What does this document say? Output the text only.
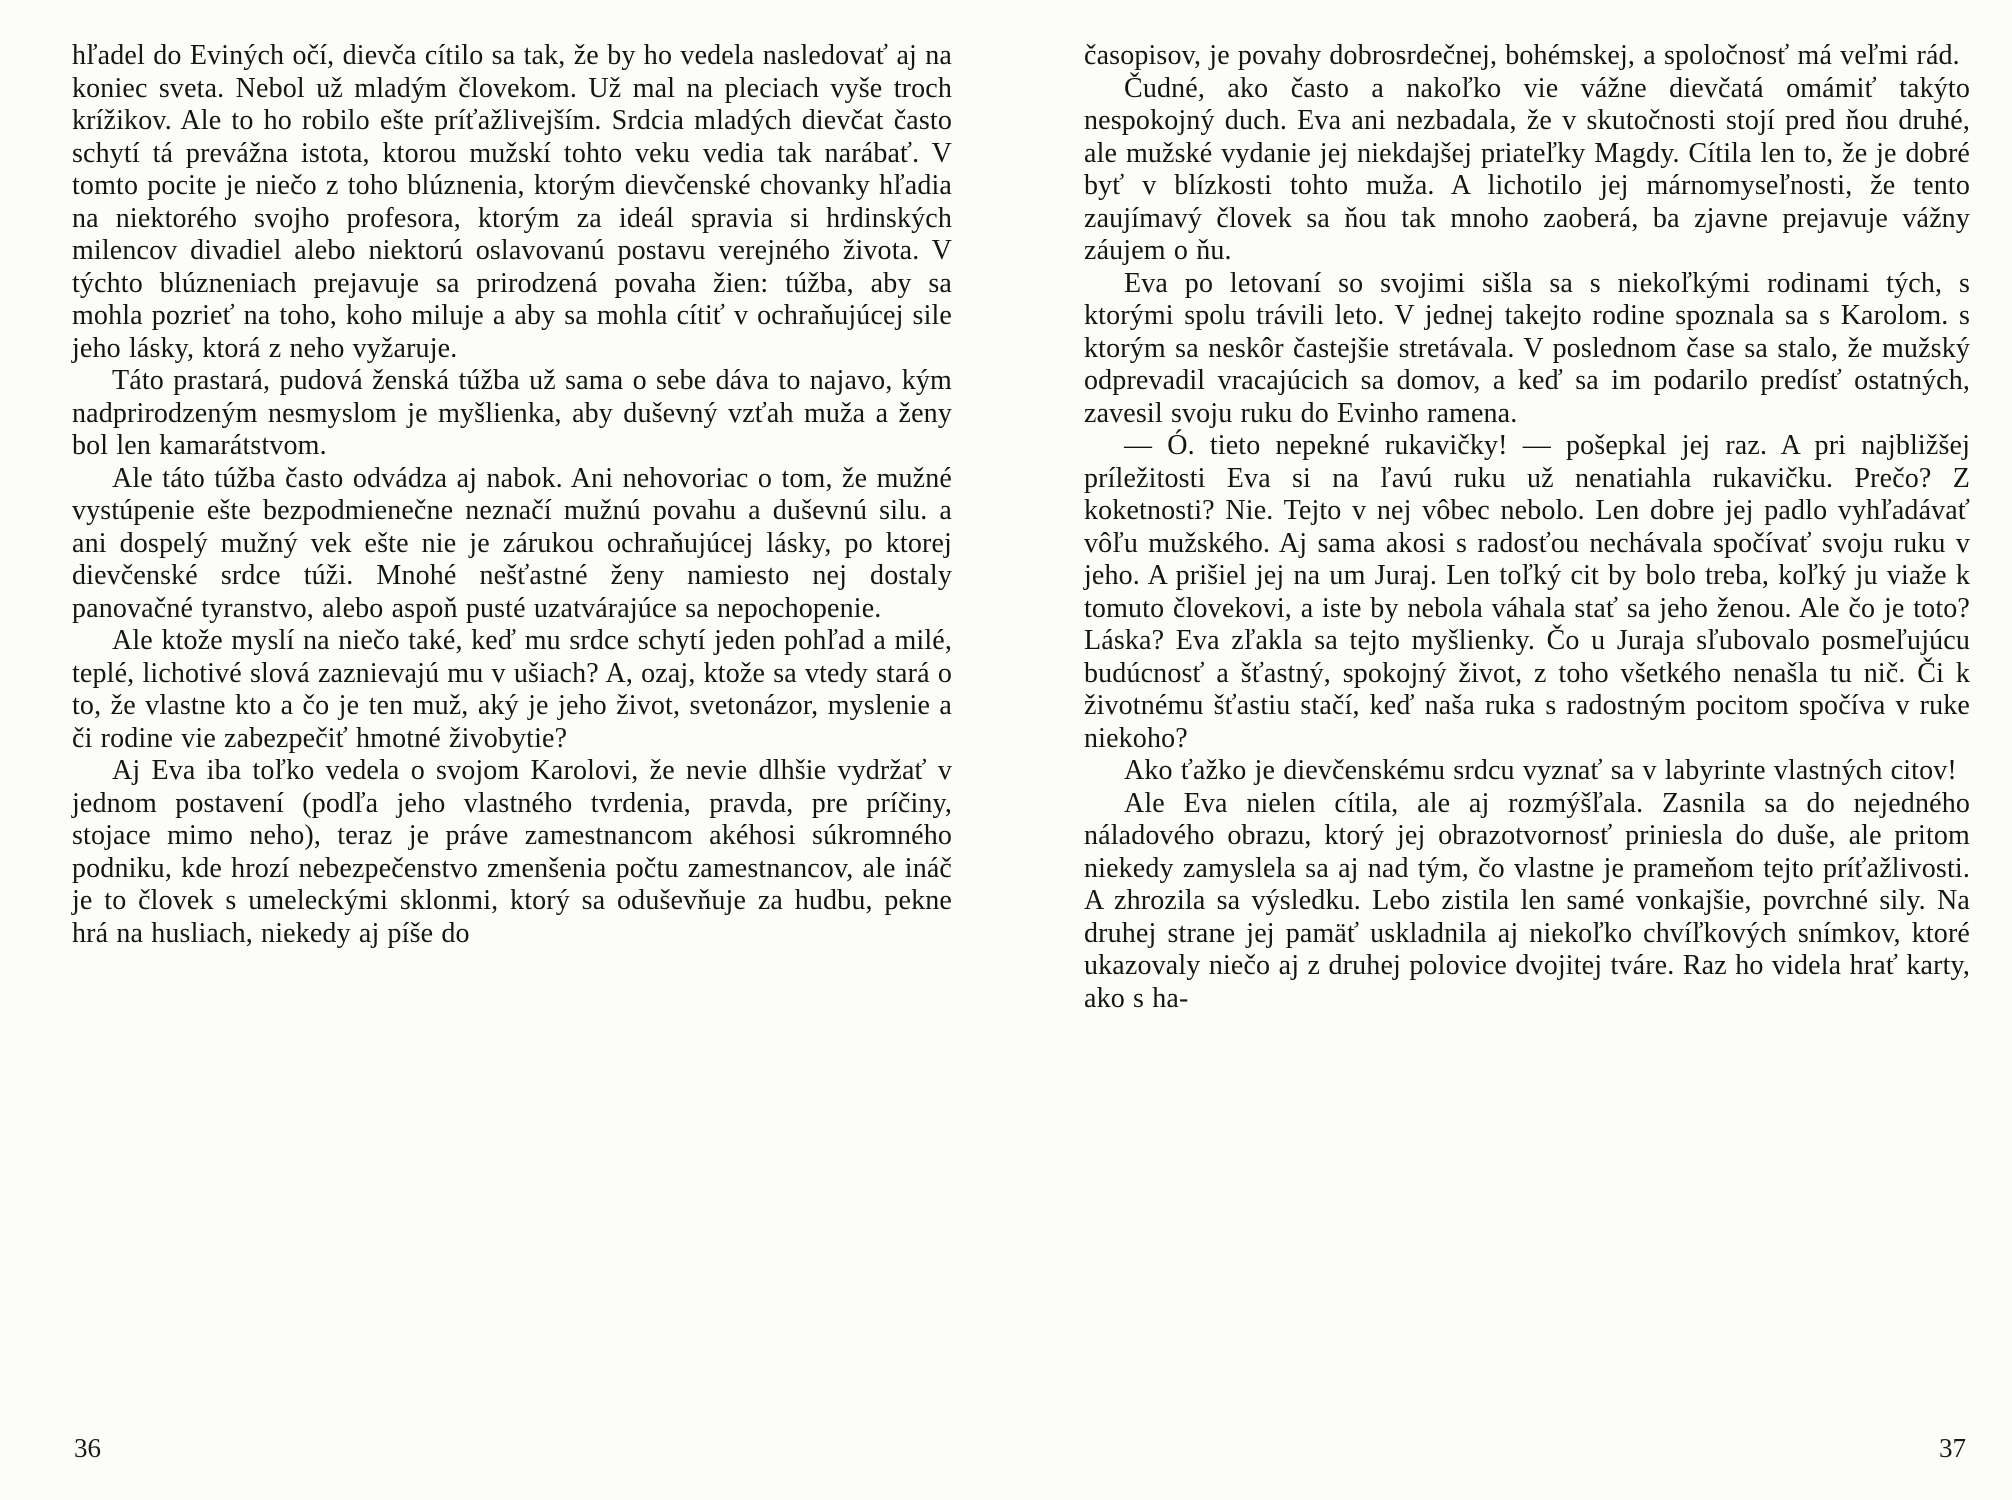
hľadel do Eviných očí, dievča cítilo sa tak, že by ho vedela nasledovať aj na koniec sveta. Nebol už mladým človekom. Už mal na pleciach vyše troch krížikov. Ale to ho robilo ešte príťažlivejším. Srdcia mladých dievčat často schytí tá prevážna istota, ktorou mužskí tohto veku vedia tak narábať. V tomto pocite je niečo z toho blúznenia, ktorým dievčenské chovanky hľadia na niektorého svojho profesora, ktorým za ideál spravia si hrdinských milencov divadiel alebo niektorú oslavovanú postavu verejného života. V týchto blúzneniach prejavuje sa prirodzená povaha žien: túžba, aby sa mohla pozrieť na toho, koho miluje a aby sa mohla cítiť v ochraňujúcej sile jeho lásky, ktorá z neho vyžaruje.

Táto prastará, pudová ženská túžba už sama o sebe dáva to najavo, kým nadprirodzeným nesmyslom je myšlienka, aby duševný vzťah muža a ženy bol len kamarátstvom.

Ale táto túžba často odvádza aj nabok. Ani nehovoriac o tom, že mužné vystúpenie ešte bezpodmienečne neznačí mužnú povahu a duševnú silu. a ani dospelý mužný vek ešte nie je zárukou ochraňujúcej lásky, po ktorej dievčenské srdce túži. Mnohé nešťastné ženy namiesto nej dostaly panovačné tyranstvo, alebo aspoň pusté uzatvárajúce sa nepochopenie.

Ale ktože myslí na niečo také, keď mu srdce schytí jeden pohľad a milé, teplé, lichotivé slová zaznievajú mu v ušiach? A, ozaj, ktože sa vtedy stará o to, že vlastne kto a čo je ten muž, aký je jeho život, svetonázor, myslenie a či rodine vie zabezpečiť hmotné živobytie?

Aj Eva iba toľko vedela o svojom Karolovi, že nevie dlhšie vydržať v jednom postavení (podľa jeho vlastného tvrdenia, pravda, pre príčiny, stojace mimo neho), teraz je práve zamestnancom akéhosi súkromného podniku, kde hrozí nebezpečenstvo zmenšenia počtu zamestnancov, ale ináč je to človek s umeleckými sklonmi, ktorý sa oduševňuje za hudbu, pekne hrá na husliach, niekedy aj píše do

36

časopisov, je povahy dobrosrdečnej, bohémskej, a spoločnosť má veľmi rád.

Čudné, ako často a nakoľko vie vážne dievčatá omámiť takýto nespokojný duch. Eva ani nezbadala, že v skutočnosti stojí pred ňou druhé, ale mužské vydanie jej niekdajšej priateľky Magdy. Cítila len to, že je dobré byť v blízkosti tohto muža. A lichotilo jej márnomyseľnosti, že tento zaujímavý človek sa ňou tak mnoho zaoberá, ba zjavne prejavuje vážny záujem o ňu.

Eva po letovaní so svojimi sišla sa s niekoľkými rodinami tých, s ktorými spolu trávili leto. V jednej takejto rodine spoznala sa s Karolom. s ktorým sa neskôr častejšie stretávala. V poslednom čase sa stalo, že mužský odprevadil vracajúcich sa domov, a keď sa im podarilo predísť ostatných, zavesil svoju ruku do Evinho ramena.

— Ó. tieto nepekné rukavičky! — pošepkal jej raz. A pri najbližšej príležitosti Eva si na ľavú ruku už nenatiahla rukavičku. Prečo? Z koketnosti? Nie. Tejto v nej vôbec nebolo. Len dobre jej padlo vyhľadávať vôľu mužského. Aj sama akosi s radosťou nechávala spočívať svoju ruku v jeho. A prišiel jej na um Juraj. Len toľký cit by bolo treba, koľký ju viaže k tomuto človekovi, a iste by nebola váhala stať sa jeho ženou. Ale čo je toto? Láska? Eva zľakla sa tejto myšlienky. Čo u Juraja sľubovalo posmeľujúcu budúcnosť a šťastný, spokojný život, z toho všetkého nenašla tu nič. Či k životnému šťastiu stačí, keď naša ruka s radostným pocitom spočíva v ruke niekoho?

Ako ťažko je dievčenskému srdcu vyznať sa v labyrinte vlastných citov!

Ale Eva nielen cítila, ale aj rozmýšľala. Zasnila sa do nejedného náladového obrazu, ktorý jej obrazotvornosť priniesla do duše, ale pritom niekedy zamyslela sa aj nad tým, čo vlastne je prameňom tejto príťažlivosti. A zhrozila sa výsledku. Lebo zistila len samé vonkajšie, povrchné sily. Na druhej strane jej pamäť uskladnila aj niekoľko chvíľkových snímkov, ktoré ukazovaly niečo aj z druhej polovice dvojitej tváre. Raz ho videla hrať karty, ako s ha-

37
